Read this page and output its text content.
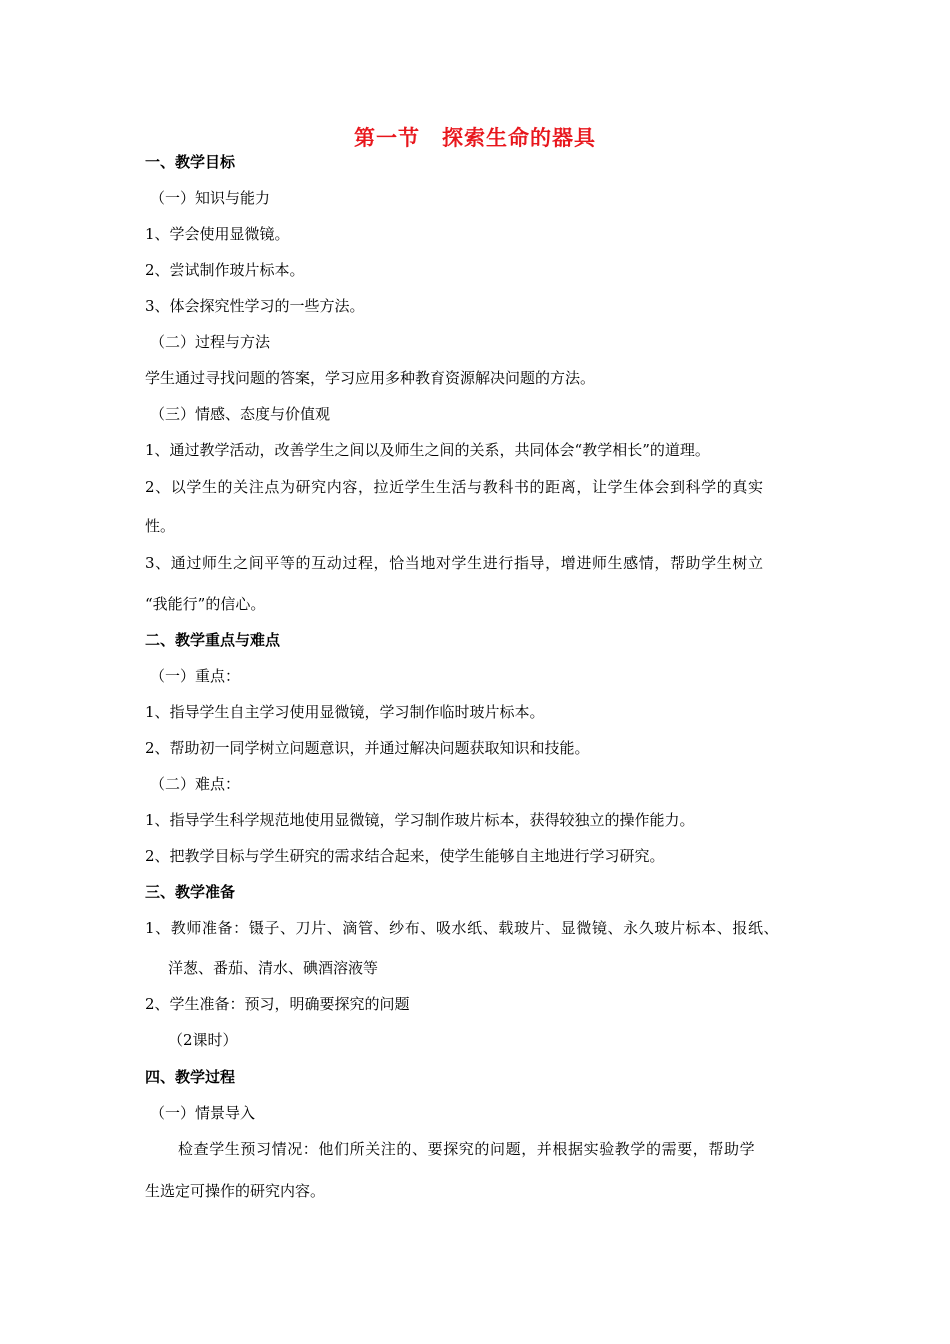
第一节　探索生命的器具
一、教学目标
（一）知识与能力
1、学会使用显微镜。
2、尝试制作玻片标本。
3、体会探究性学习的一些方法。
（二）过程与方法
学生通过寻找问题的答案，学习应用多种教育资源解决问题的方法。
（三）情感、态度与价值观
1、通过教学活动，改善学生之间以及师生之间的关系，共同体会“教学相长”的道理。
2、以学生的关注点为研究内容，拉近学生生活与教科书的距离，让学生体会到科学的真实
性。
3、通过师生之间平等的互动过程，恰当地对学生进行指导，增进师生感情，帮助学生树立
“我能行”的信心。
二、教学重点与难点
（一）重点：
1、指导学生自主学习使用显微镜，学习制作临时玻片标本。
2、帮助初一同学树立问题意识，并通过解决问题获取知识和技能。
（二）难点：
1、指导学生科学规范地使用显微镜，学习制作玻片标本，获得较独立的操作能力。
2、把教学目标与学生研究的需求结合起来，使学生能够自主地进行学习研究。
三、教学准备
1、教师准备：镊子、刀片、滴管、纱布、吸水纸、载玻片、显微镜、永久玻片标本、报纸、
洋葱、番茄、清水、碘酒溶液等
2、学生准备：预习，明确要探究的问题
（2课时）
四、教学过程
（一）情景导入
检查学生预习情况：他们所关注的、要探究的问题，并根据实验教学的需要，帮助学
生选定可操作的研究内容。
